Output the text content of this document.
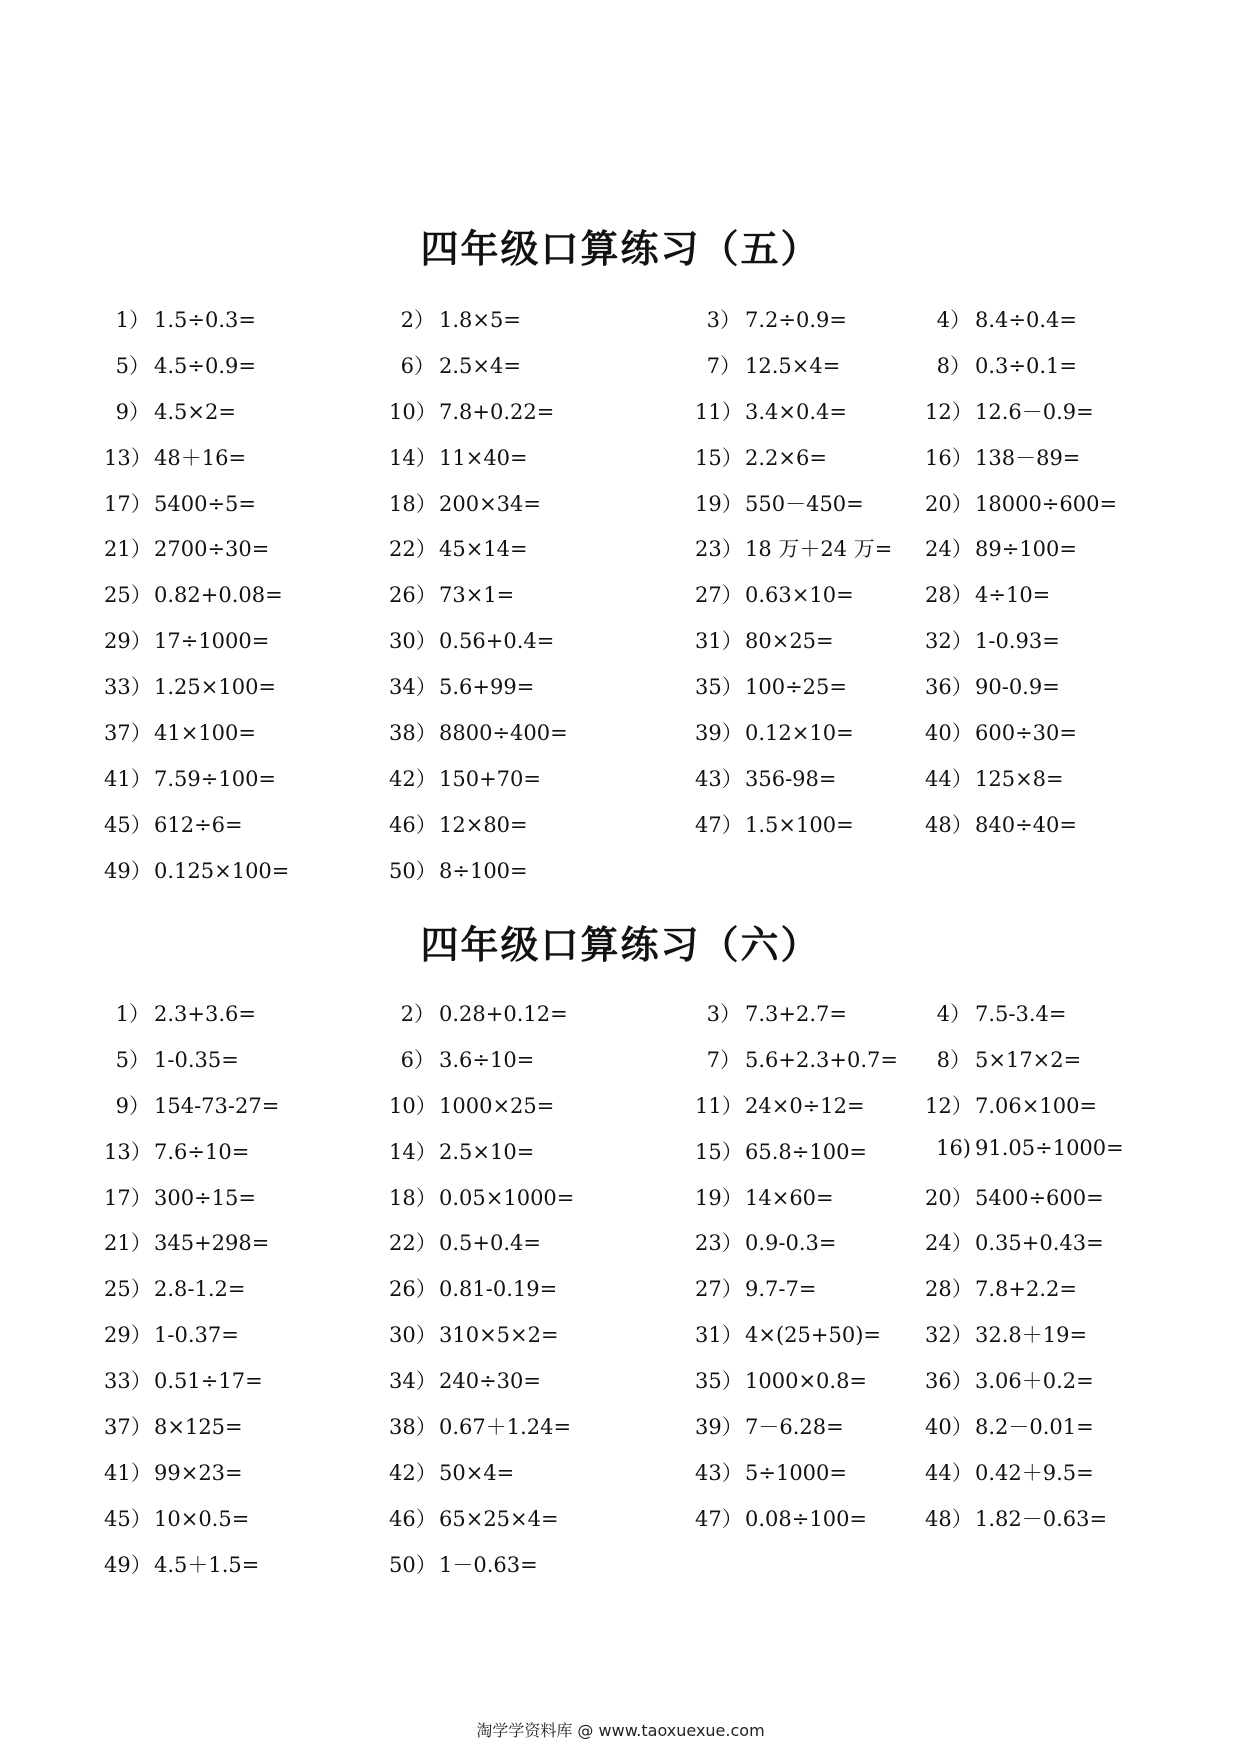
四年级口算练习（五）
1） 1.5÷0.3=	2） 1.8×5=	3） 7.2÷0.9=	4） 8.4÷0.4=
5） 4.5÷0.9=	6） 2.5×4=	7） 12.5×4=	8） 0.3÷0.1=
9） 4.5×2=	10） 7.8+0.22=	11） 3.4×0.4=	12） 12.6－0.9=
13） 48＋16=	14） 11×40=	15） 2.2×6=	16） 138－89=
17） 5400÷5=	18） 200×34=	19） 550－450=	20） 18000÷600=
21） 2700÷30=	22） 45×14=	23） 18 万＋24 万= 24） 89÷100=
25） 0.82+0.08=	26） 73×1=	27） 0.63×10=	28） 4÷10=
29） 17÷1000=	30） 0.56+0.4=	31） 80×25=	32） 1-0.93=
33） 1.25×100=	34） 5.6+99=	35） 100÷25=	36） 90-0.9=
37） 41×100=	38） 8800÷400=	39） 0.12×10=	40） 600÷30=
41） 7.59÷100=	42） 150+70=	43） 356-98=	44） 125×8=
45） 612÷6=	46） 12×80=	47） 1.5×100=	48） 840÷40=
49） 0.125×100=	50） 8÷100=
四年级口算练习（六）
1） 2.3+3.6=	2） 0.28+0.12=	3） 7.3+2.7=	4） 7.5-3.4=
5） 1-0.35=	6） 3.6÷10=	7） 5.6+2.3+0.7=	8） 5×17×2=
9） 154-73-27=	10） 1000×25=	11） 24×0÷12=	12） 7.06×100=
13） 7.6÷10=	14） 2.5×10=	15） 65.8÷100=	16) 91.05÷1000=
17） 300÷15=	18） 0.05×1000=	19） 14×60=	20） 5400÷600=
21） 345+298=	22） 0.5+0.4=	23） 0.9-0.3=	24） 0.35+0.43=
25） 2.8-1.2=	26） 0.81-0.19=	27） 9.7-7=	28） 7.8+2.2=
29） 1-0.37=	30） 310×5×2=	31） 4×(25+50)= 32） 32.8＋19=
33） 0.51÷17=	34） 240÷30=	35） 1000×0.8=	36） 3.06＋0.2=
37） 8×125=	38） 0.67＋1.24=	39） 7－6.28=	40） 8.2－0.01=
41） 99×23=	42） 50×4=	43） 5÷1000=	44） 0.42＋9.5=
45） 10×0.5=	46） 65×25×4=	47） 0.08÷100=	48） 1.82－0.63=
49） 4.5＋1.5=	50） 1－0.63=
淘学学资料库 @ www.taoxuexue.com
